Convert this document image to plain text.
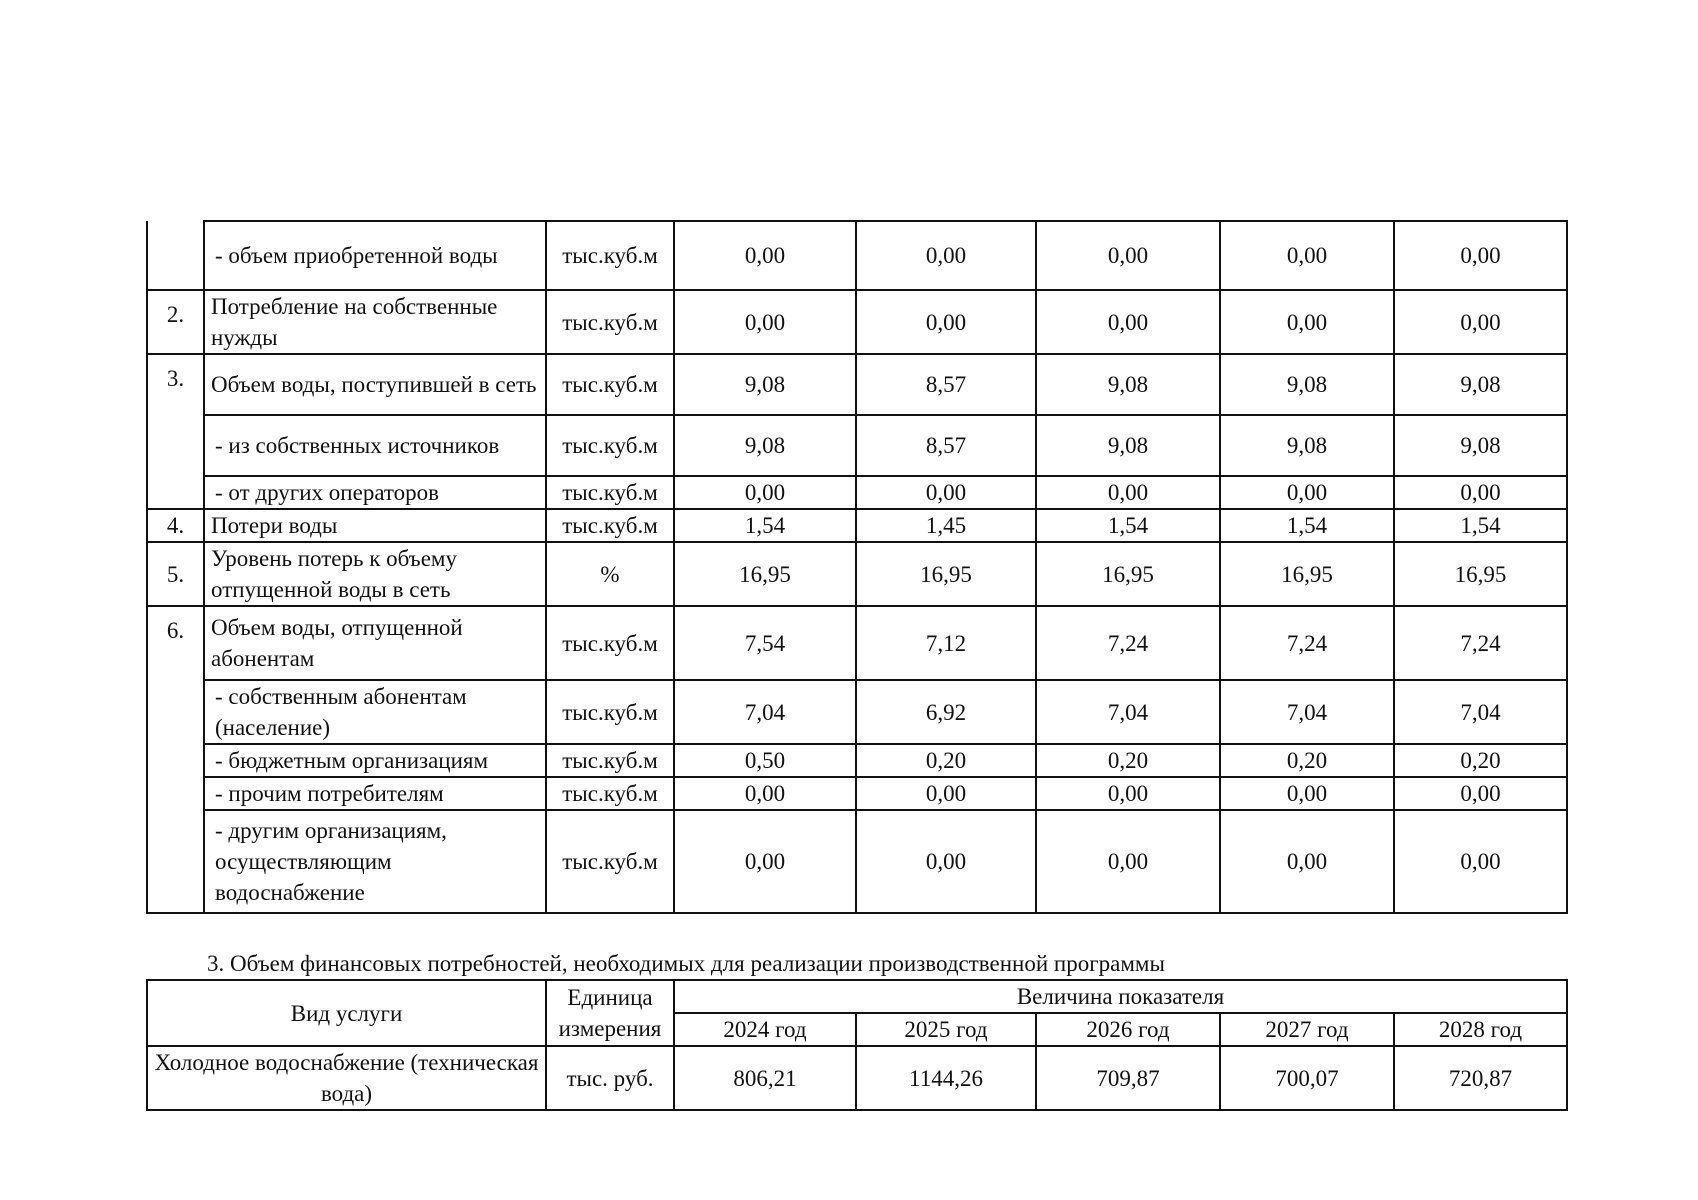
	- объем приобретенной воды	тыс.куб.м	0,00	0,00	0,00	0,00	0,00
2.	Потребление на собственные нужды	тыс.куб.м	0,00	0,00	0,00	0,00	0,00
3.	Объем воды, поступившей в сеть	тыс.куб.м	9,08	8,57	9,08	9,08	9,08
	- из собственных источников	тыс.куб.м	9,08	8,57	9,08	9,08	9,08
	- от других операторов	тыс.куб.м	0,00	0,00	0,00	0,00	0,00
4.	Потери воды	тыс.куб.м	1,54	1,45	1,54	1,54	1,54
5.	Уровень потерь к объему отпущенной воды в сеть	%	16,95	16,95	16,95	16,95	16,95
6.	Объем воды, отпущенной абонентам	тыс.куб.м	7,54	7,12	7,24	7,24	7,24
	- собственным абонентам (население)	тыс.куб.м	7,04	6,92	7,04	7,04	7,04
	- бюджетным организациям	тыс.куб.м	0,50	0,20	0,20	0,20	0,20
	- прочим потребителям	тыс.куб.м	0,00	0,00	0,00	0,00	0,00
	- другим организациям, осуществляющим водоснабжение	тыс.куб.м	0,00	0,00	0,00	0,00	0,00
3. Объем финансовых потребностей, необходимых для реализации производственной программы
Вид услуги	Единица измерения	Величина показателя				
		2024 год	2025 год	2026 год	2027 год	2028 год
Холодное водоснабжение (техническая вода)	тыс. руб.	806,21	1144,26	709,87	700,07	720,87
